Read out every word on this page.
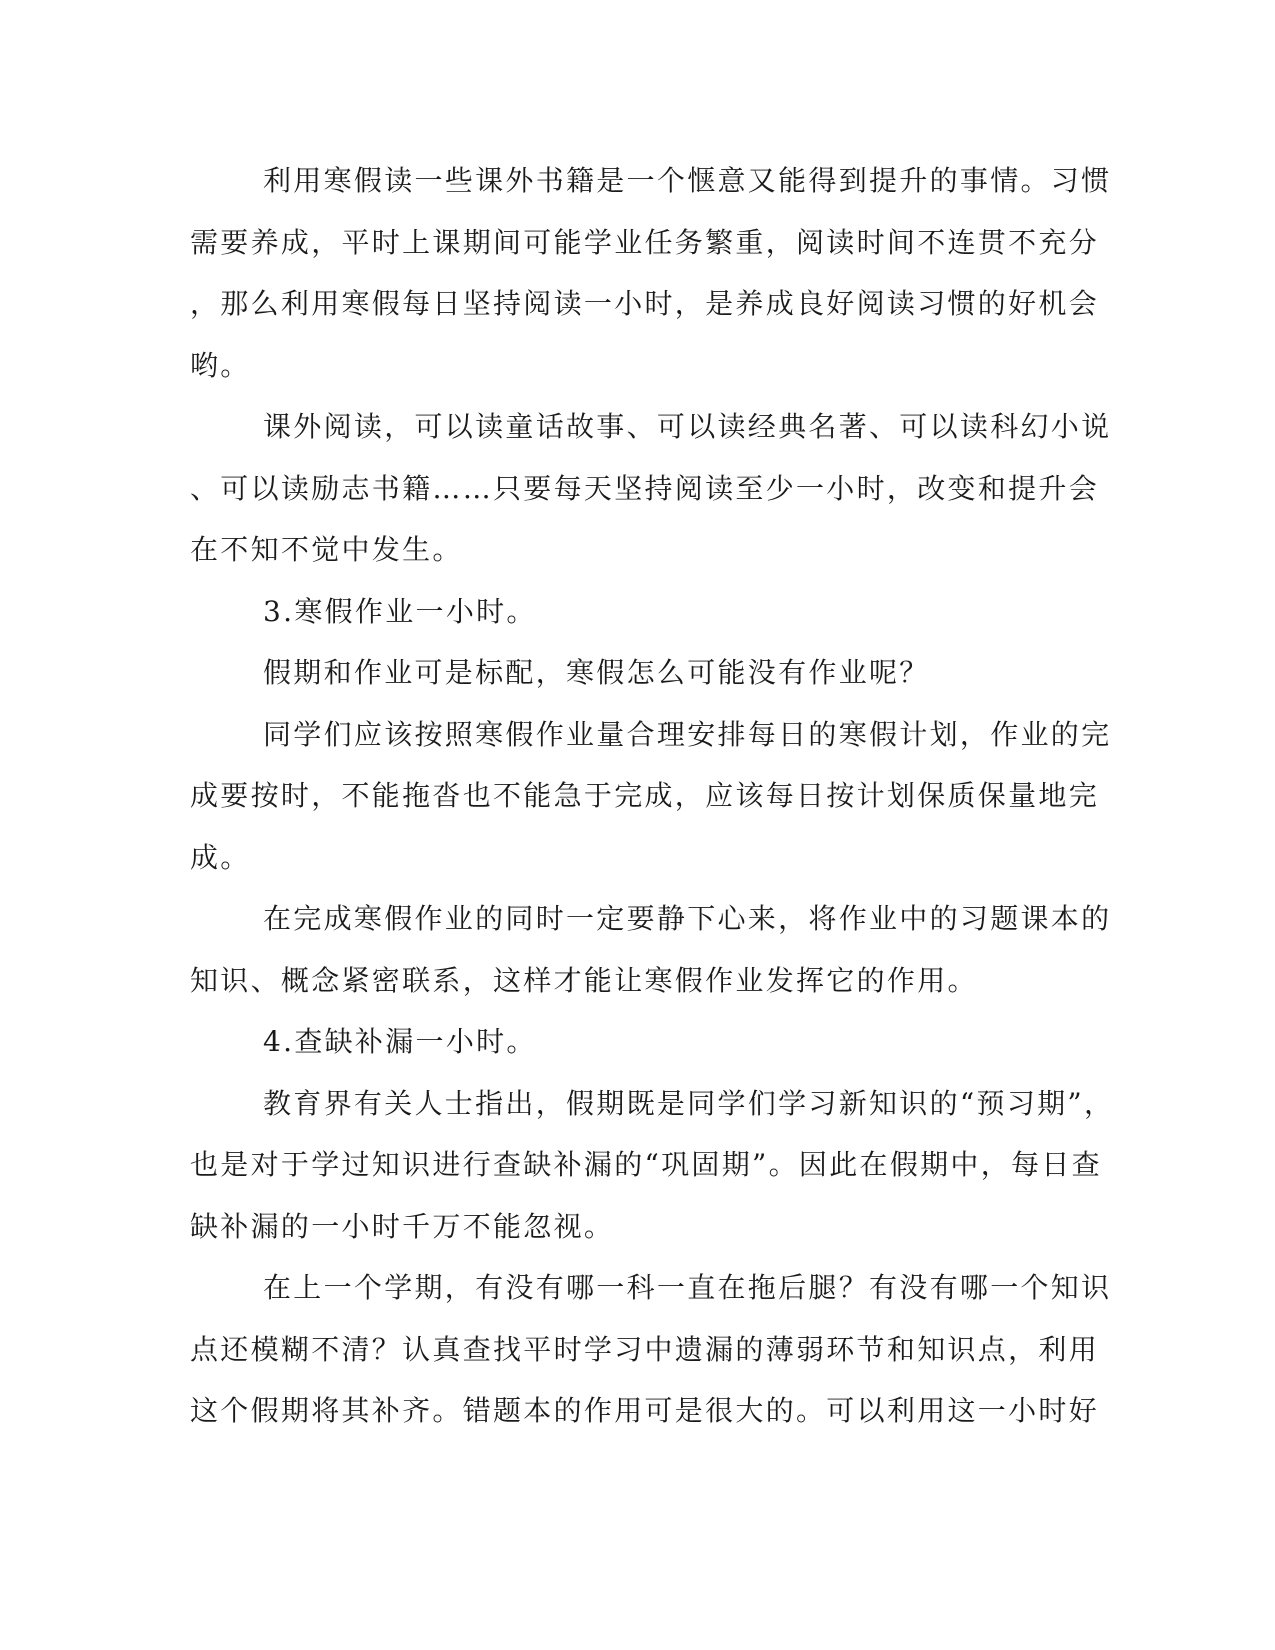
利用寒假读一些课外书籍是一个惬意又能得到提升的事情。习惯
需要养成，平时上课期间可能学业任务繁重，阅读时间不连贯不充分
，那么利用寒假每日坚持阅读一小时，是养成良好阅读习惯的好机会
哟。
课外阅读，可以读童话故事、可以读经典名著、可以读科幻小说
、可以读励志书籍……只要每天坚持阅读至少一小时，改变和提升会
在不知不觉中发生。
3.寒假作业一小时。
假期和作业可是标配，寒假怎么可能没有作业呢？
同学们应该按照寒假作业量合理安排每日的寒假计划，作业的完
成要按时，不能拖沓也不能急于完成，应该每日按计划保质保量地完
成。
在完成寒假作业的同时一定要静下心来，将作业中的习题课本的
知识、概念紧密联系，这样才能让寒假作业发挥它的作用。
4.查缺补漏一小时。
教育界有关人士指出，假期既是同学们学习新知识的“预习期”，
也是对于学过知识进行查缺补漏的“巩固期”。因此在假期中，每日查
缺补漏的一小时千万不能忽视。
在上一个学期，有没有哪一科一直在拖后腿？有没有哪一个知识
点还模糊不清？认真查找平时学习中遗漏的薄弱环节和知识点，利用
这个假期将其补齐。错题本的作用可是很大的。可以利用这一小时好
